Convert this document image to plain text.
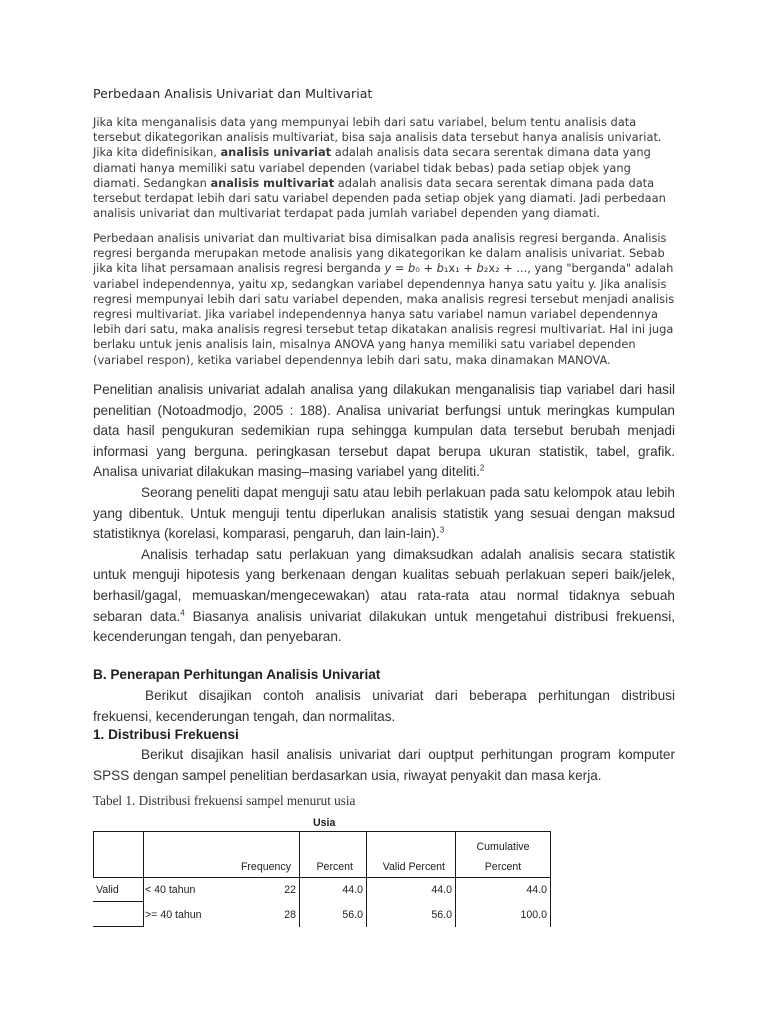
Perbedaan Analisis Univariat dan Multivariat
Jika kita menganalisis data yang mempunyai lebih dari satu variabel, belum tentu analisis data tersebut dikategorikan analisis multivariat, bisa saja analisis data tersebut hanya analisis univariat. Jika kita didefinisikan, analisis univariat adalah analisis data secara serentak dimana data yang diamati hanya memiliki satu variabel dependen (variabel tidak bebas) pada setiap objek yang diamati. Sedangkan analisis multivariat adalah analisis data secara serentak dimana pada data tersebut terdapat lebih dari satu variabel dependen pada setiap objek yang diamati. Jadi perbedaan analisis univariat dan multivariat terdapat pada jumlah variabel dependen yang diamati.
Perbedaan analisis univariat dan multivariat bisa dimisalkan pada analisis regresi berganda. Analisis regresi berganda merupakan metode analisis yang dikategorikan ke dalam analisis univariat. Sebab jika kita lihat persamaan analisis regresi berganda y = b₀ + b₁x₁ + b₂x₂ + ..., yang "berganda" adalah variabel independennya, yaitu xp, sedangkan variabel dependennya hanya satu yaitu y. Jika analisis regresi mempunyai lebih dari satu variabel dependen, maka analisis regresi tersebut menjadi analisis regresi multivariat. Jika variabel independennya hanya satu variabel namun variabel dependennya lebih dari satu, maka analisis regresi tersebut tetap dikatakan analisis regresi multivariat. Hal ini juga berlaku untuk jenis analisis lain, misalnya ANOVA yang hanya memiliki satu variabel dependen (variabel respon), ketika variabel dependennya lebih dari satu, maka dinamakan MANOVA.

Penelitian analisis univariat adalah analisa yang dilakukan menganalisis tiap variabel dari hasil penelitian (Notoadmodjo, 2005 : 188). Analisa univariat berfungsi untuk meringkas kumpulan data hasil pengukuran sedemikian rupa sehingga kumpulan data tersebut berubah menjadi informasi yang berguna. peringkasan tersebut dapat berupa ukuran statistik, tabel, grafik. Analisa univariat dilakukan masing–masing variabel yang diteliti.$^2$

Seorang peneliti dapat menguji satu atau lebih perlakuan pada satu kelompok atau lebih yang dibentuk. Untuk menguji tentu diperlukan analisis statistik yang sesuai dengan maksud statistiknya (korelasi, komparasi, pengaruh, dan lain-lain).$^3$

Analisis terhadap satu perlakuan yang dimaksudkan adalah analisis secara statistik untuk menguji hipotesis yang berkenaan dengan kualitas sebuah perlakuan seperi baik/jelek, berhasil/gagal, memuaskan/mengecewakan) atau rata-rata atau normal tidaknya sebuah sebaran data.$^4$ Biasanya analisis univariat dilakukan untuk mengetahui distribusi frekuensi, kecenderungan tengah, dan penyebaran.

B. Penerapan Perhitungan Analisis Univariat

Berikut disajikan contoh analisis univariat dari beberapa perhitungan distribusi frekuensi, kecenderungan tengah, dan normalitas.

1. Distribusi Frekuensi

Berikut disajikan hasil analisis univariat dari ouptput perhitungan program komputer SPSS dengan sampel penelitian berdasarkan usia, riwayat penyakit dan masa kerja.

Tabel 1. Distribusi frekuensi sampel menurut usia
Usia
Frequency	Percent	Valid Percent
Cumulative
Percent
Valid < 40 tahun	22	44.0	44.0	44.0
>= 40 tahun	28	56.0	56.0	100.0
